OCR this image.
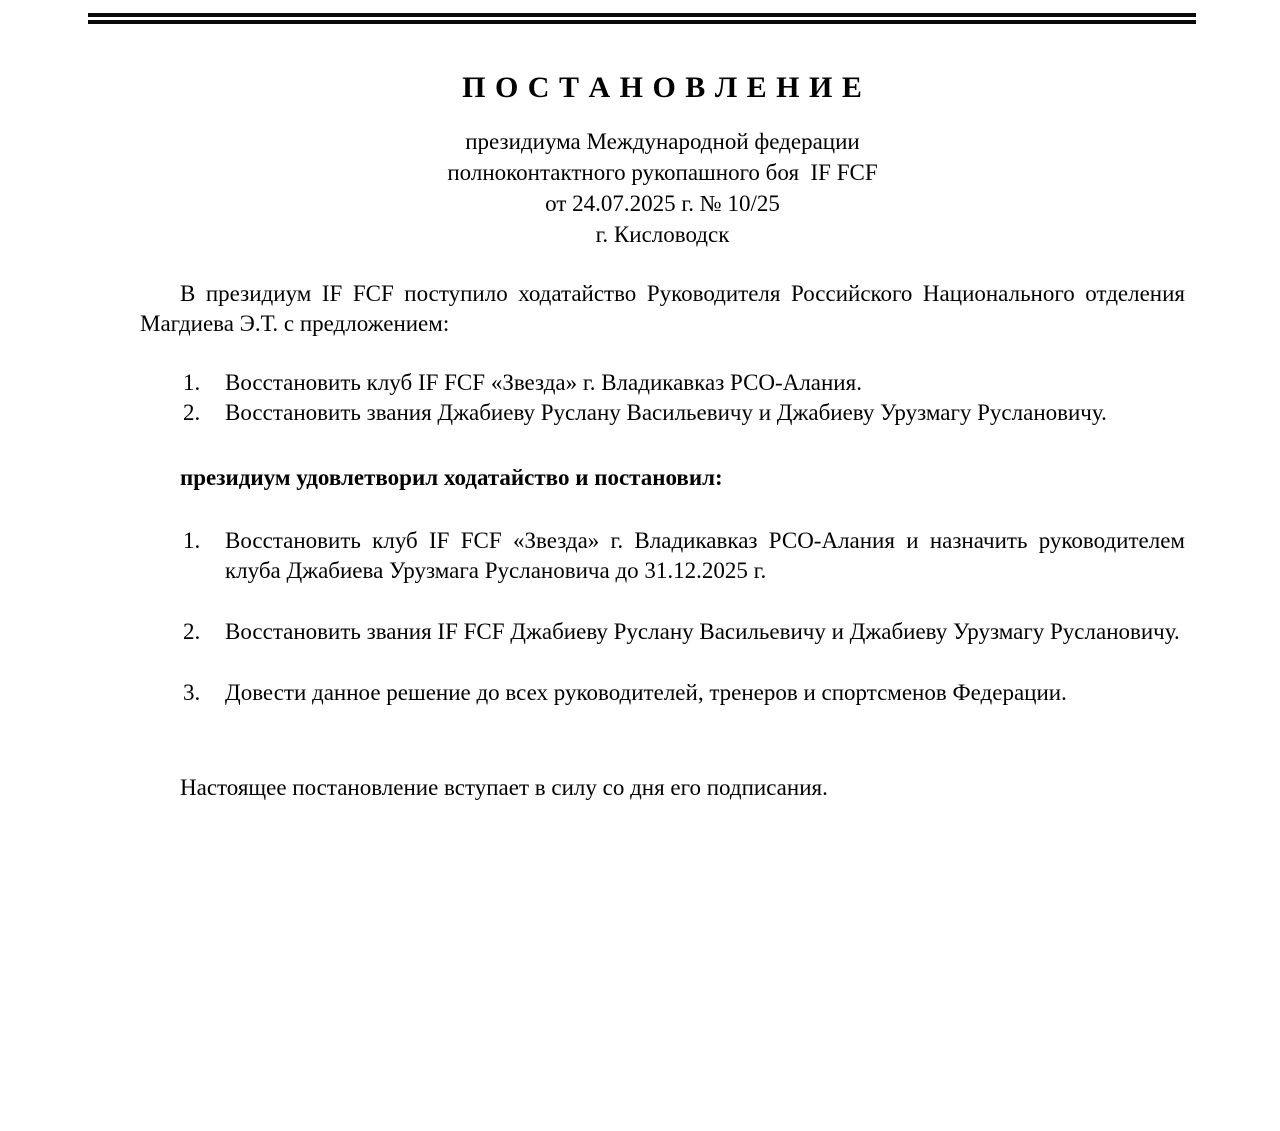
П О С Т А Н О В Л Е Н И Е
президиума Международной федерации
полноконтактного рукопашного боя  IF FCF
от 24.07.2025 г. № 10/25
г. Кисловодск

В президиум IF FCF поступило ходатайство Руководителя Российского Национального отделения Магдиева Э.Т. с предложением:

1. Восстановить клуб IF FCF «Звезда» г. Владикавказ РСО-Алания.
2. Восстановить звания Джабиеву Руслану Васильевичу и Джабиеву Урузмагу Руслановичу.

президиум удовлетворил ходатайство и постановил:

1. Восстановить клуб IF FCF «Звезда» г. Владикавказ РСО-Алания и назначить руководителем клуба Джабиева Урузмага Руслановича до 31.12.2025 г.
2. Восстановить звания IF FCF Джабиеву Руслану Васильевичу и Джабиеву Урузмагу Руслановичу.
3. Довести данное решение до всех руководителей, тренеров и спортсменов Федерации.

Настоящее постановление вступает в силу со дня его подписания.
